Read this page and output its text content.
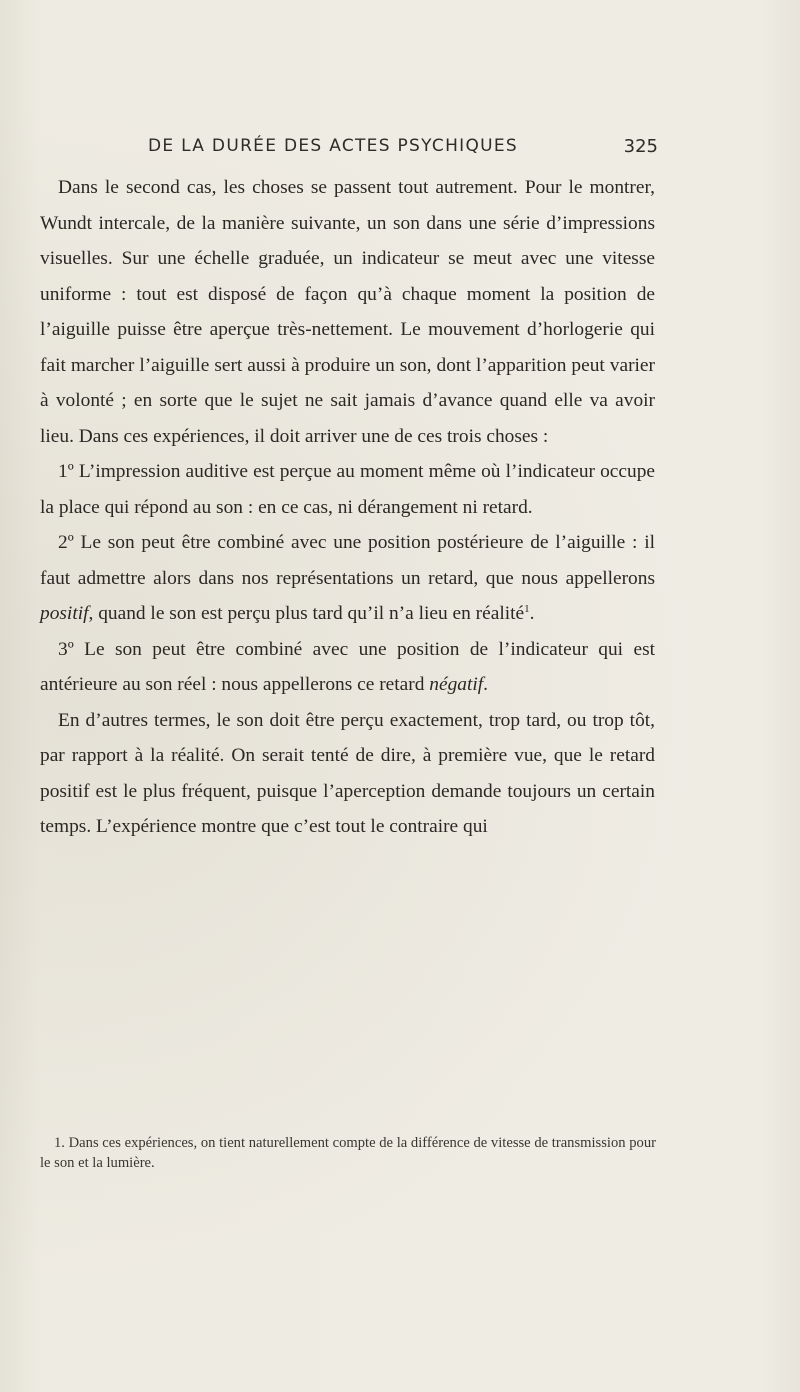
DE LA DURÉE DES ACTES PSYCHIQUES	325

Dans le second cas, les choses se passent tout autrement. Pour le montrer, Wundt intercale, de la manière suivante, un son dans une série d’impressions visuelles. Sur une échelle graduée, un indicateur se meut avec une vitesse uniforme : tout est disposé de façon qu’à chaque moment la position de l’aiguille puisse être aperçue très-nettement. Le mouvement d’horlogerie qui fait marcher l’aiguille sert aussi à produire un son, dont l’apparition peut varier à volonté ; en sorte que le sujet ne sait jamais d’avance quand elle va avoir lieu. Dans ces expériences, il doit arriver une de ces trois choses :

1º L’impression auditive est perçue au moment même où l’indicateur occupe la place qui répond au son : en ce cas, ni dérangement ni retard.

2º Le son peut être combiné avec une position postérieure de l’aiguille : il faut admettre alors dans nos représentations un retard, que nous appellerons positif, quand le son est perçu plus tard qu’il n’a lieu en réalité$^1$.

3º Le son peut être combiné avec une position de l’indicateur qui est antérieure au son réel : nous appellerons ce retard négatif.

En d’autres termes, le son doit être perçu exactement, trop tard, ou trop tôt, par rapport à la réalité. On serait tenté de dire, à première vue, que le retard positif est le plus fréquent, puisque l’aperception demande toujours un certain temps. L’expérience montre que c’est tout le contraire qui

1. Dans ces expériences, on tient naturellement compte de la différence de vitesse de transmission pour le son et la lumière.
